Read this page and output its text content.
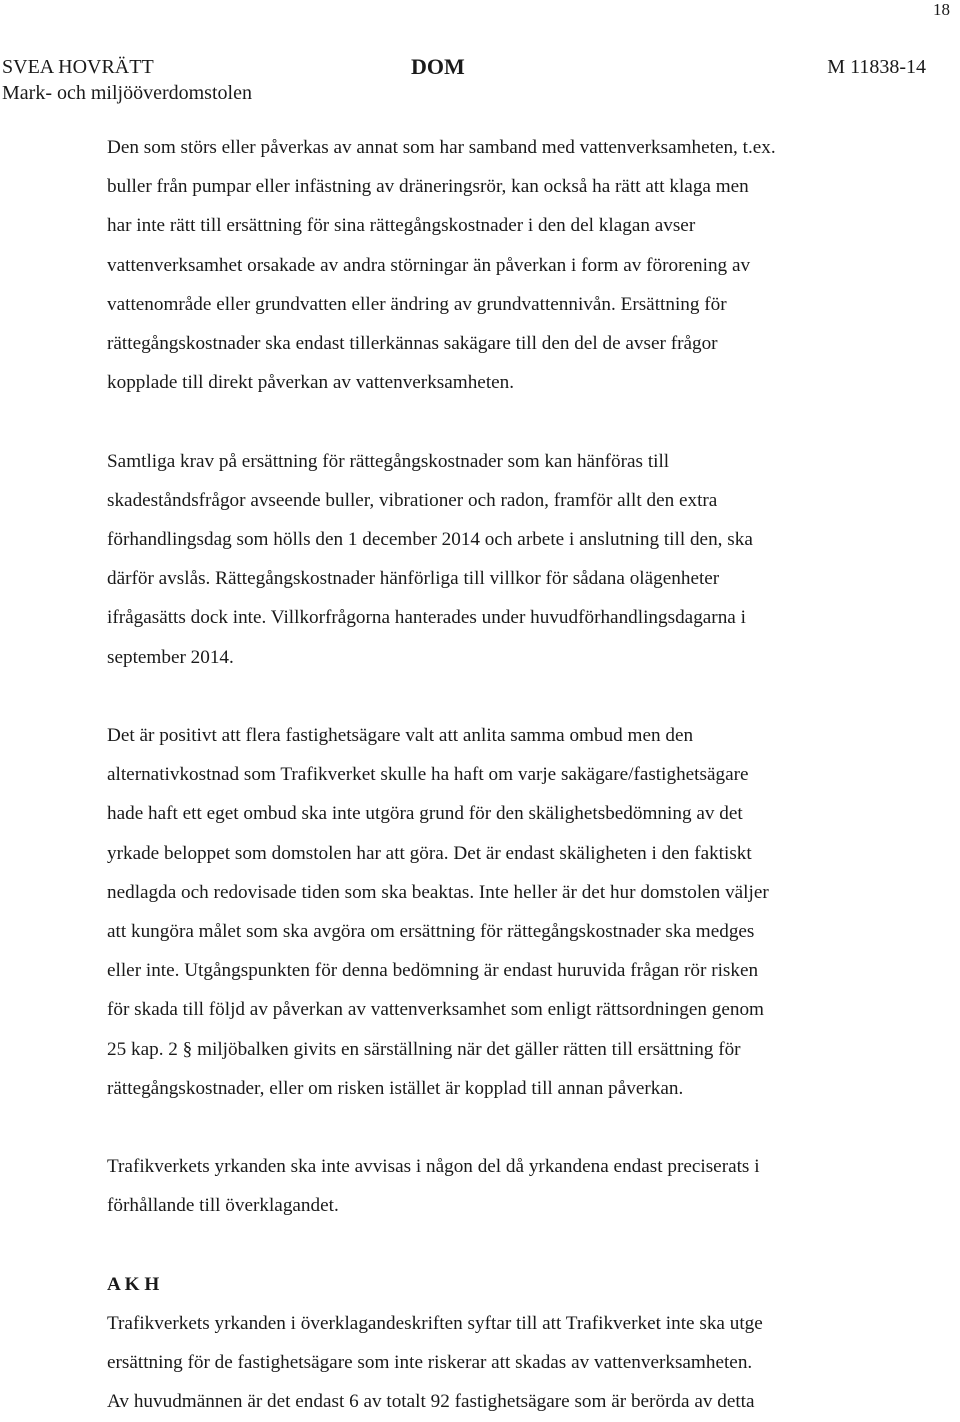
18
SVEA HOVRÄTT
Mark- och miljööverdomstolen
DOM	M 11838-14

Den som störs eller påverkas av annat som har samband med vattenverksamheten, t.ex.
buller från pumpar eller infästning av dräneringsrör, kan också ha rätt att klaga men
har inte rätt till ersättning för sina rättegångskostnader i den del klagan avser
vattenverksamhet orsakade av andra störningar än påverkan i form av förorening av
vattenområde eller grundvatten eller ändring av grundvattennivån. Ersättning för
rättegångskostnader ska endast tillerkännas sakägare till den del de avser frågor
kopplade till direkt påverkan av vattenverksamheten.

Samtliga krav på ersättning för rättegångskostnader som kan hänföras till
skadeståndsfrågor avseende buller, vibrationer och radon, framför allt den extra
förhandlingsdag som hölls den 1 december 2014 och arbete i anslutning till den, ska
därför avslås. Rättegångskostnader hänförliga till villkor för sådana olägenheter
ifrågasätts dock inte. Villkorfrågorna hanterades under huvudförhandlingsdagarna i
september 2014.

Det är positivt att flera fastighetsägare valt att anlita samma ombud men den
alternativkostnad som Trafikverket skulle ha haft om varje sakägare/fastighetsägare
hade haft ett eget ombud ska inte utgöra grund för den skälighetsbedömning av det
yrkade beloppet som domstolen har att göra. Det är endast skäligheten i den faktiskt
nedlagda och redovisade tiden som ska beaktas. Inte heller är det hur domstolen väljer
att kungöra målet som ska avgöra om ersättning för rättegångskostnader ska medges
eller inte. Utgångspunkten för denna bedömning är endast huruvida frågan rör risken
för skada till följd av påverkan av vattenverksamhet som enligt rättsordningen genom
25 kap. 2 § miljöbalken givits en särställning när det gäller rätten till ersättning för
rättegångskostnader, eller om risken istället är kopplad till annan påverkan.

Trafikverkets yrkanden ska inte avvisas i någon del då yrkandena endast preciserats i
förhållande till överklagandet.

A K H

Trafikverkets yrkanden i överklagandeskriften syftar till att Trafikverket inte ska utge
ersättning för de fastighetsägare som inte riskerar att skadas av vattenverksamheten.
Av huvudmännen är det endast 6 av totalt 92 fastighetsägare som är berörda av detta
